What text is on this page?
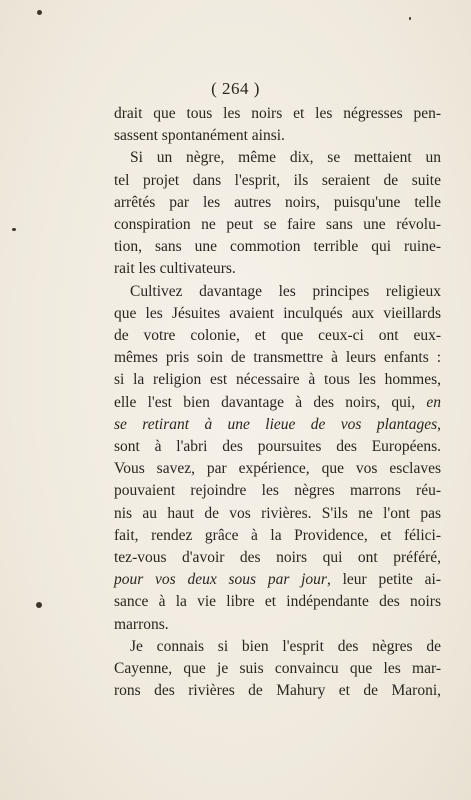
( 264 )
drait que tous les noirs et les négresses pen-
sassent spontanément ainsi.
Si un nègre, même dix, se mettaient un
tel projet dans l'esprit, ils seraient de suite
arrêtés par les autres noirs, puisqu'une telle
conspiration ne peut se faire sans une révolu-
tion, sans une commotion terrible qui ruine-
rait les cultivateurs.
Cultivez davantage les principes religieux
que les Jésuites avaient inculqués aux vieillards
de votre colonie, et que ceux-ci ont eux-
mêmes pris soin de transmettre à leurs enfants :
si la religion est nécessaire à tous les hommes,
elle l'est bien davantage à des noirs, qui, en
se retirant à une lieue de vos plantages,
sont à l'abri des poursuites des Européens.
Vous savez, par expérience, que vos esclaves
pouvaient rejoindre les nègres marrons réu-
nis au haut de vos rivières. S'ils ne l'ont pas
fait, rendez grâce à la Providence, et félici-
tez-vous d'avoir des noirs qui ont préféré,
pour vos deux sous par jour, leur petite ai-
sance à la vie libre et indépendante des noirs
marrons.
Je connais si bien l'esprit des nègres de
Cayenne, que je suis convaincu que les mar-
rons des rivières de Mahury et de Maroni,
